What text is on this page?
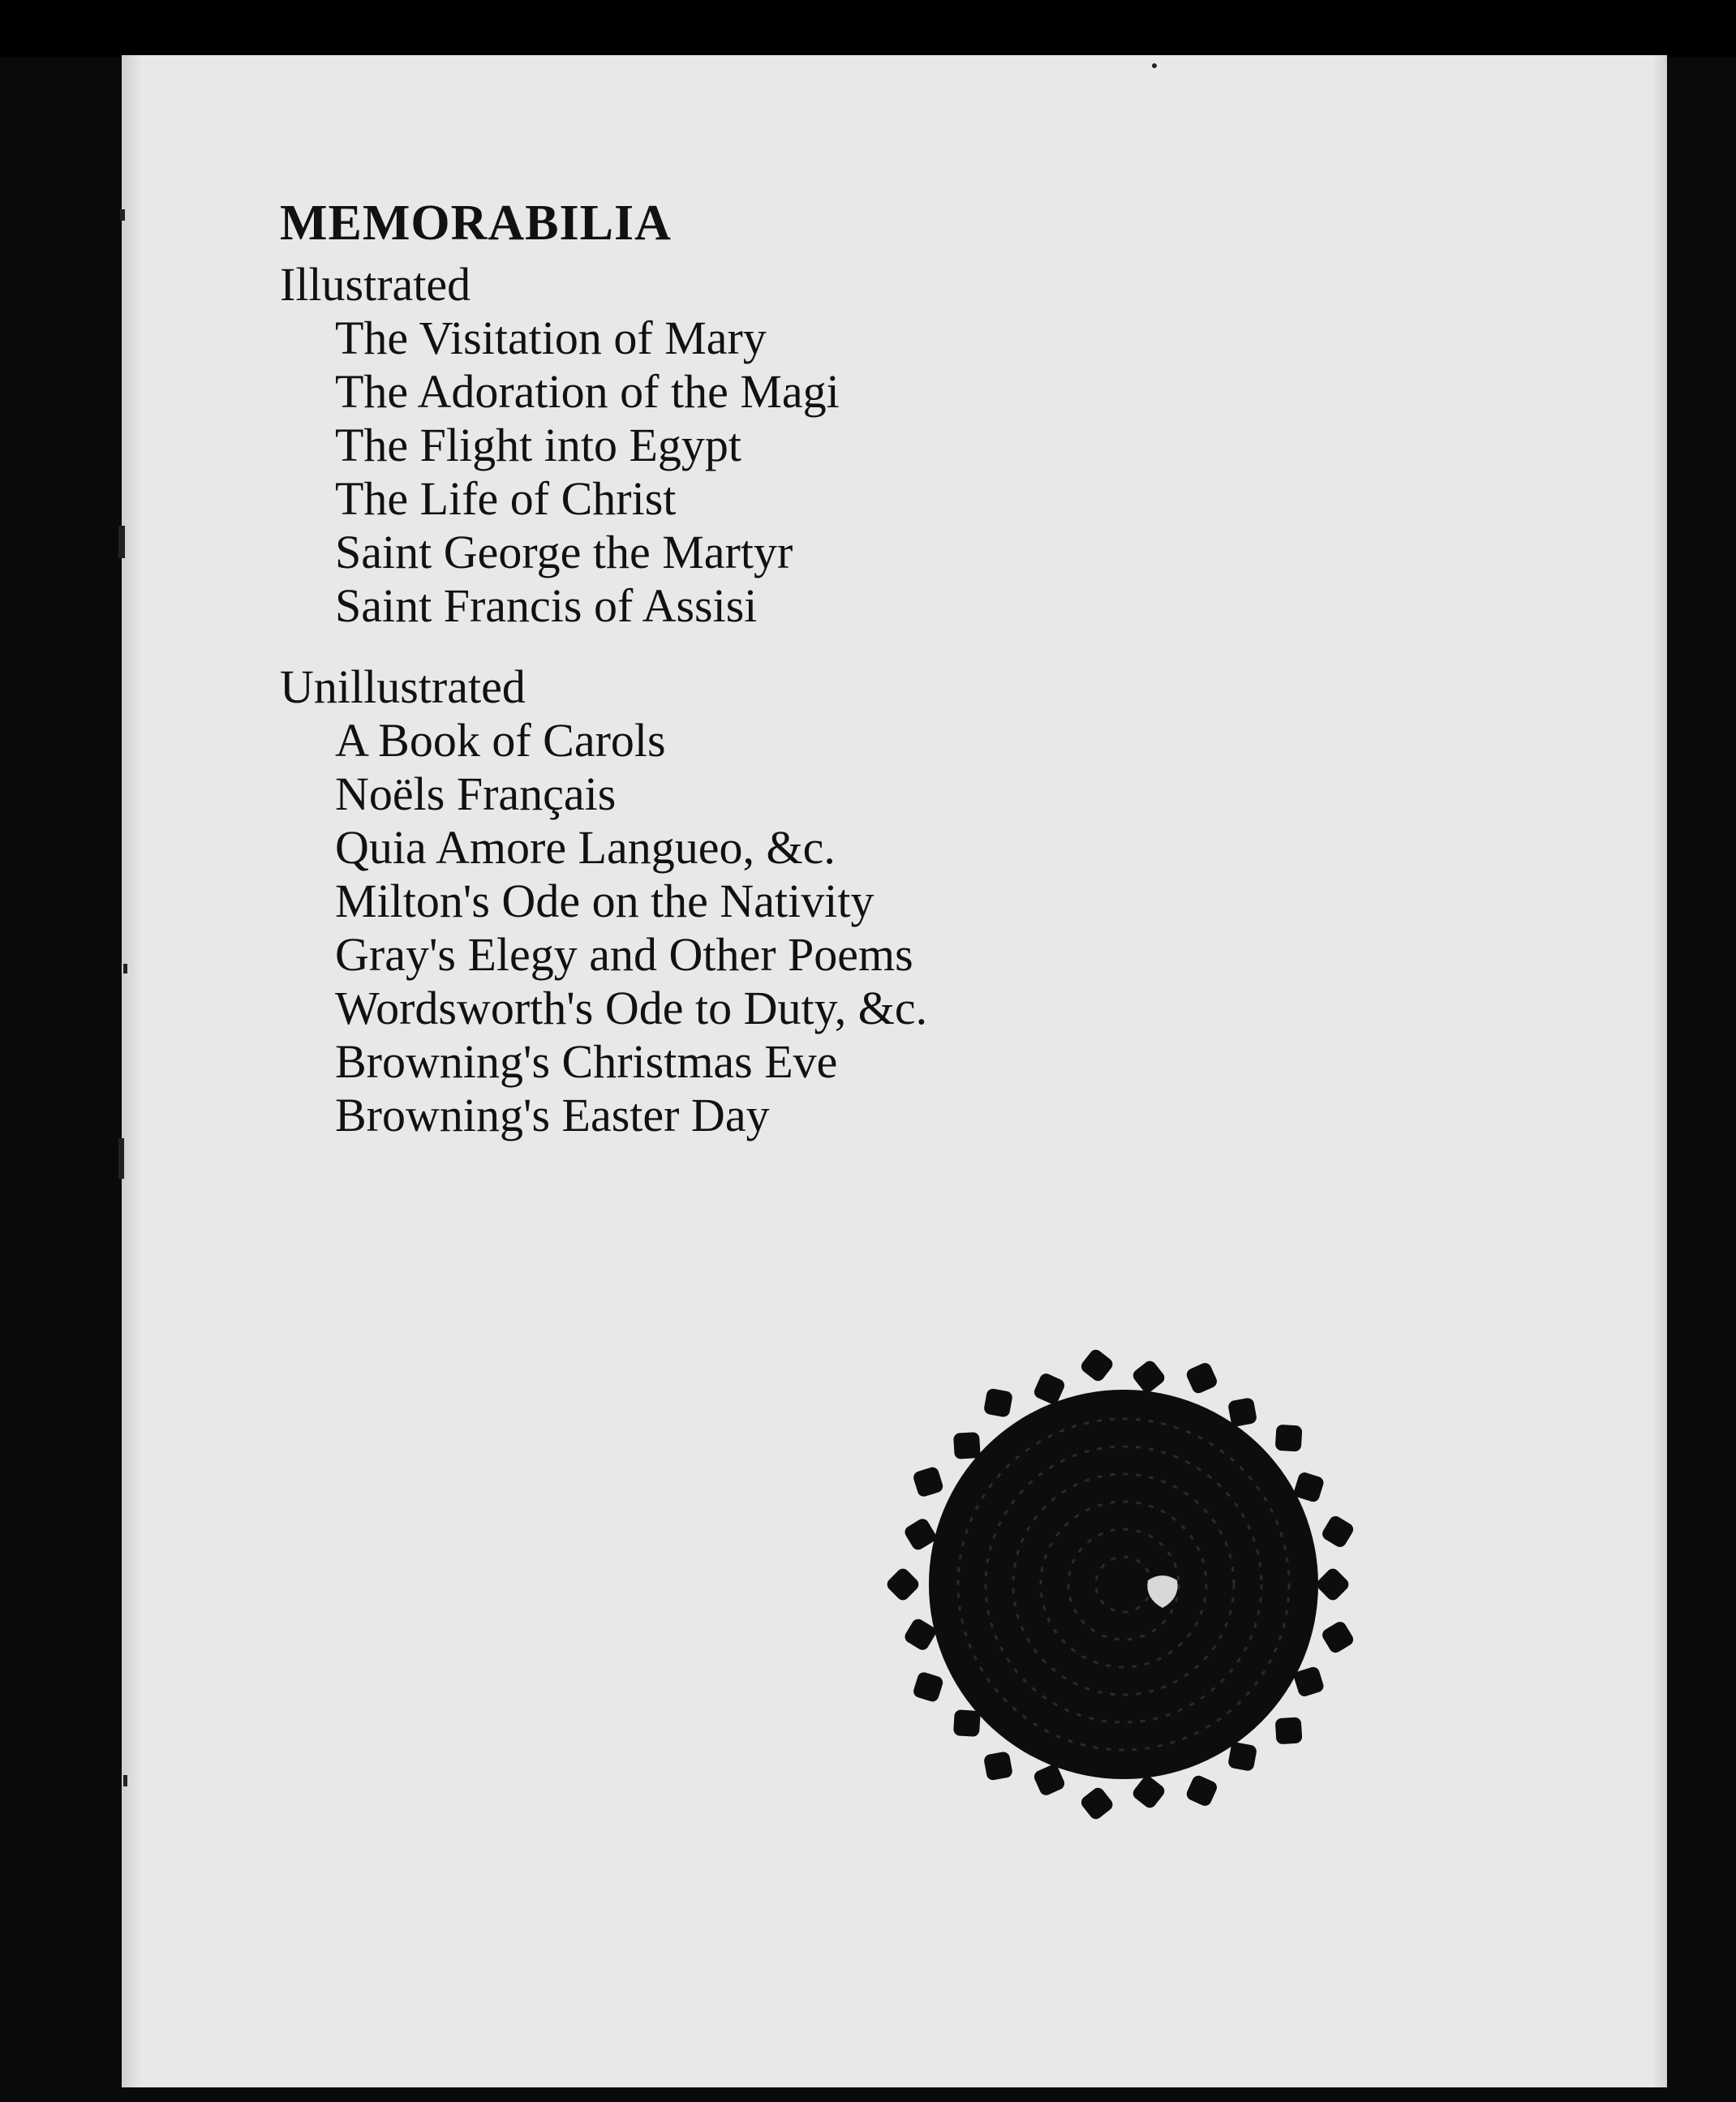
MEMORABILIA

Illustrated

The Visitation of Mary
The Adoration of the Magi
The Flight into Egypt
The Life of Christ
Saint George the Martyr
Saint Francis of Assisi

Unillustrated

A Book of Carols
Noëls Français
Quia Amore Langueo, &c.
Milton's Ode on the Nativity
Gray's Elegy and Other Poems
Wordsworth's Ode to Duty, &c.
Browning's Christmas Eve
Browning's Easter Day
